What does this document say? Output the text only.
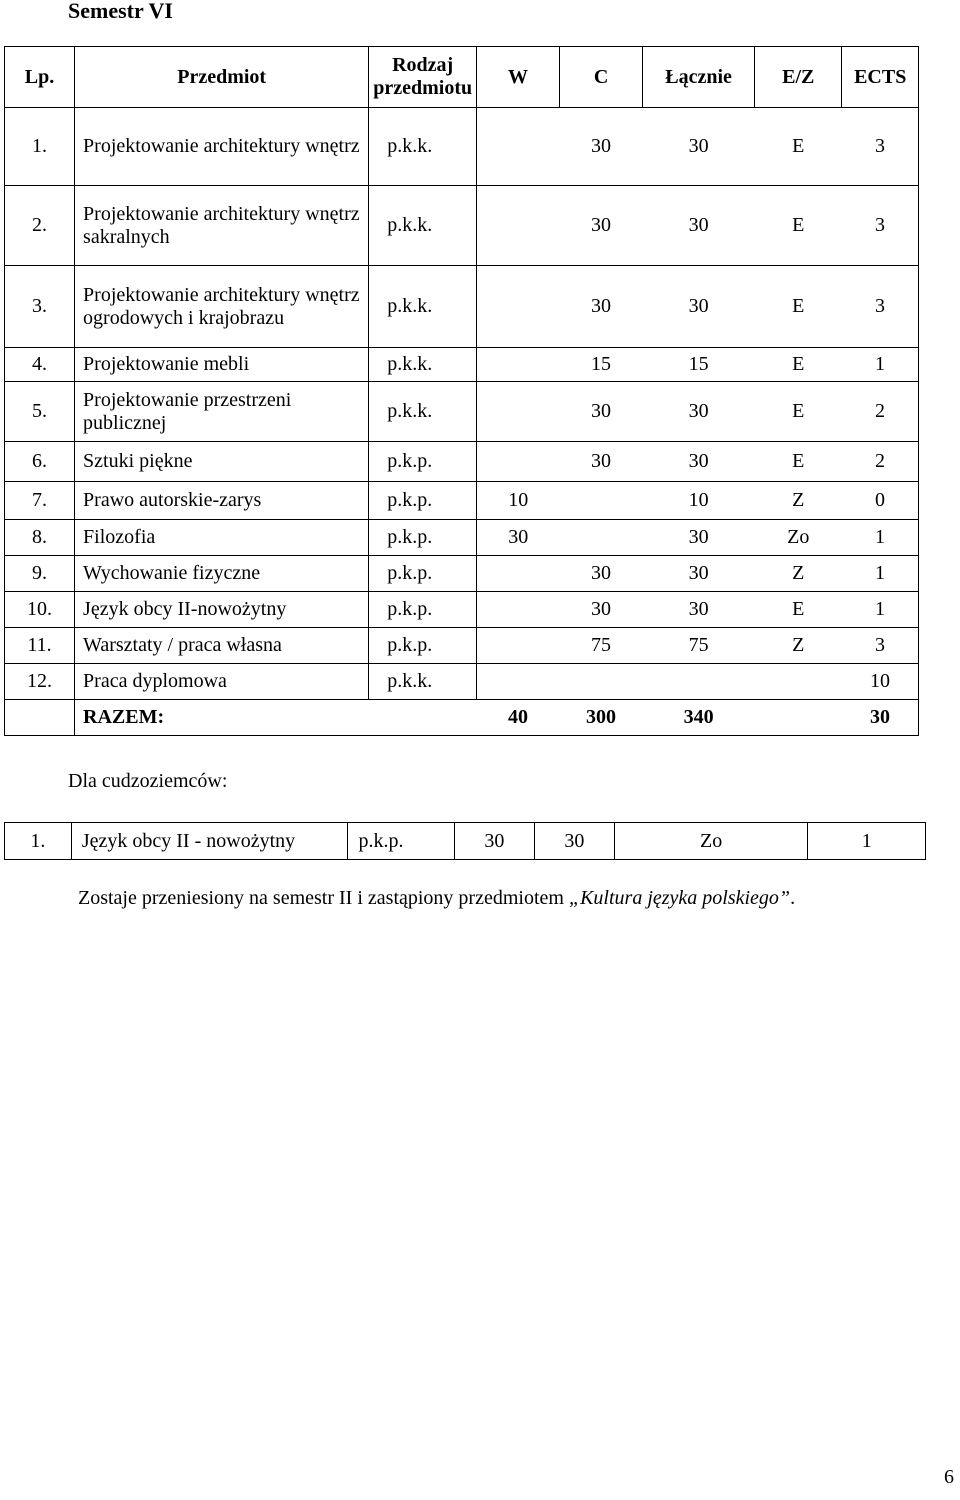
Semestr VI
Lp.	Przedmiot	Rodzaj przedmiotu	W	C	Łącznie	E/Z	ECTS
1.	Projektowanie architektury wnętrz	p.k.k.		30	30	E	3
2.	Projektowanie architektury wnętrz sakralnych	p.k.k.		30	30	E	3
3.	Projektowanie architektury wnętrz ogrodowych i krajobrazu	p.k.k.		30	30	E	3
4.	Projektowanie mebli	p.k.k.		15	15	E	1
5.	Projektowanie przestrzeni publicznej	p.k.k.		30	30	E	2
6.	Sztuki piękne	p.k.p.		30	30	E	2
7.	Prawo autorskie-zarys	p.k.p.	10		10	Z	0
8.	Filozofia	p.k.p.	30		30	Zo	1
9.	Wychowanie fizyczne	p.k.p.		30	30	Z	1
10.	Język obcy II-nowożytny	p.k.p.		30	30	E	1
11.	Warsztaty / praca własna	p.k.p.		75	75	Z	3
12.	Praca dyplomowa	p.k.k.					10
	RAZEM:		40	300	340		30

Dla cudzoziemców:

1.	Język obcy II - nowożytny	p.k.p.	30	30	Zo	1

Zostaje przeniesiony na semestr II i zastąpiony przedmiotem „Kultura języka polskiego”.

6
